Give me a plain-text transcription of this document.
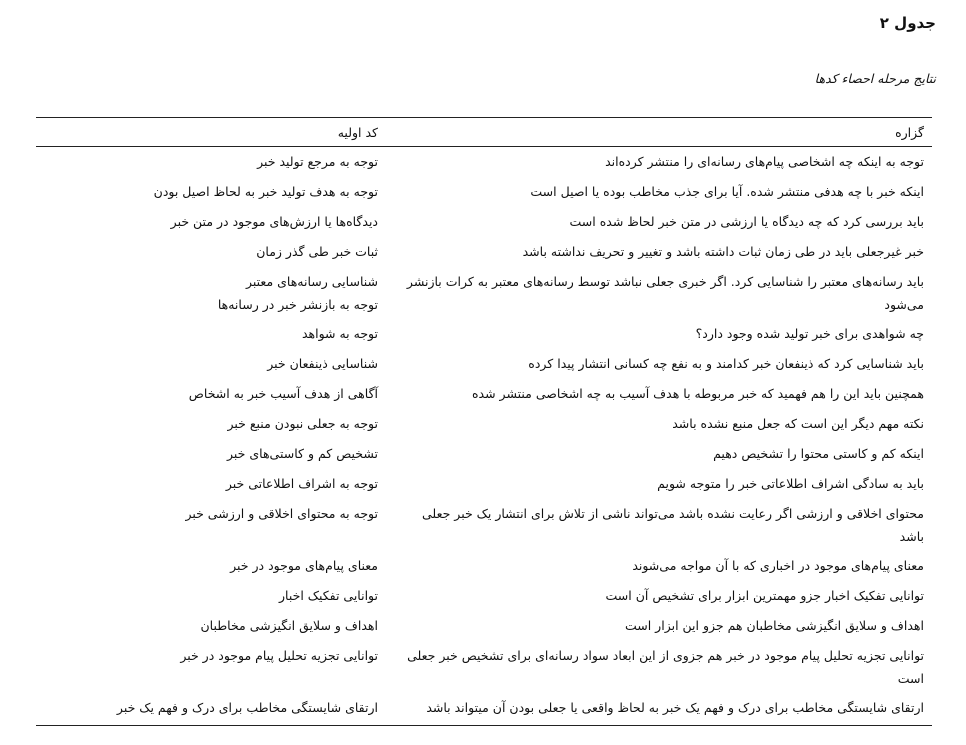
جدول ۲

نتایج مرحله احصاء کدها

گزاره	کد اولیه
توجه به اینکه چه اشخاصی پیام‌های رسانه‌ای را منتشر کرده‌اند	توجه به مرجع تولید خبر
اینکه خبر با چه هدفی منتشر شده. آیا برای جذب مخاطب بوده یا اصیل است	توجه به هدف تولید خبر به لحاظ اصیل بودن
باید بررسی کرد که چه دیدگاه یا ارزشی در متن خبر لحاظ شده است	دیدگاه‌ها یا ارزش‌های موجود در متن خبر
خبر غیرجعلی باید در طی زمان ثبات داشته باشد و تغییر و تحریف نداشته باشد	ثبات خبر طی گذر زمان
باید رسانه‌های معتبر را شناسایی کرد. اگر خبری جعلی نباشد توسط رسانه‌های معتبر به کرات بازنشر می‌شود	شناسایی رسانه‌های معتبر
توجه به بازنشر خبر در رسانه‌ها

چه شواهدی برای خبر تولید شده وجود دارد؟	توجه به شواهد
باید شناسایی کرد که ذینفعان خبر کدامند و به نفع چه کسانی انتشار پیدا کرده	شناسایی ذینفعان خبر
همچنین باید این را هم فهمید که خبر مربوطه با هدف آسیب به چه اشخاصی منتشر شده	آگاهی از هدف آسیب خبر به اشخاص
نکته مهم دیگر این است که جعل منبع نشده باشد	توجه به جعلی نبودن منبع خبر
اینکه کم و کاستی محتوا را تشخیص دهیم	تشخیص کم و کاستی‌های خبر
باید به سادگی اشراف اطلاعاتی خبر را متوجه شویم	توجه به اشراف اطلاعاتی خبر
محتوای اخلاقی و ارزشی اگر رعایت نشده باشد می‌تواند ناشی از تلاش برای انتشار یک خبر جعلی باشد	توجه به محتوای اخلاقی و ارزشی خبر
معنای پیام‌های موجود در اخباری که با آن مواجه می‌شوند	معنای پیام‌های موجود در خبر
توانایی تفکیک اخبار جزو مهمترین ابزار برای تشخیص آن است	توانایی تفکیک اخبار
اهداف و سلایق انگیزشی مخاطبان هم جزو این ابزار است	اهداف و سلایق انگیزشی مخاطبان
توانایی تجزیه تحلیل پیام موجود در خبر هم جزوی از این ابعاد سواد رسانه‌ای برای تشخیص خبر جعلی است	توانایی تجزیه تحلیل پیام موجود در خبر
ارتقای شایستگی مخاطب برای درک و فهم یک خبر به لحاظ واقعی یا جعلی بودن آن میتواند باشد	ارتقای شایستگی مخاطب برای درک و فهم یک خبر
